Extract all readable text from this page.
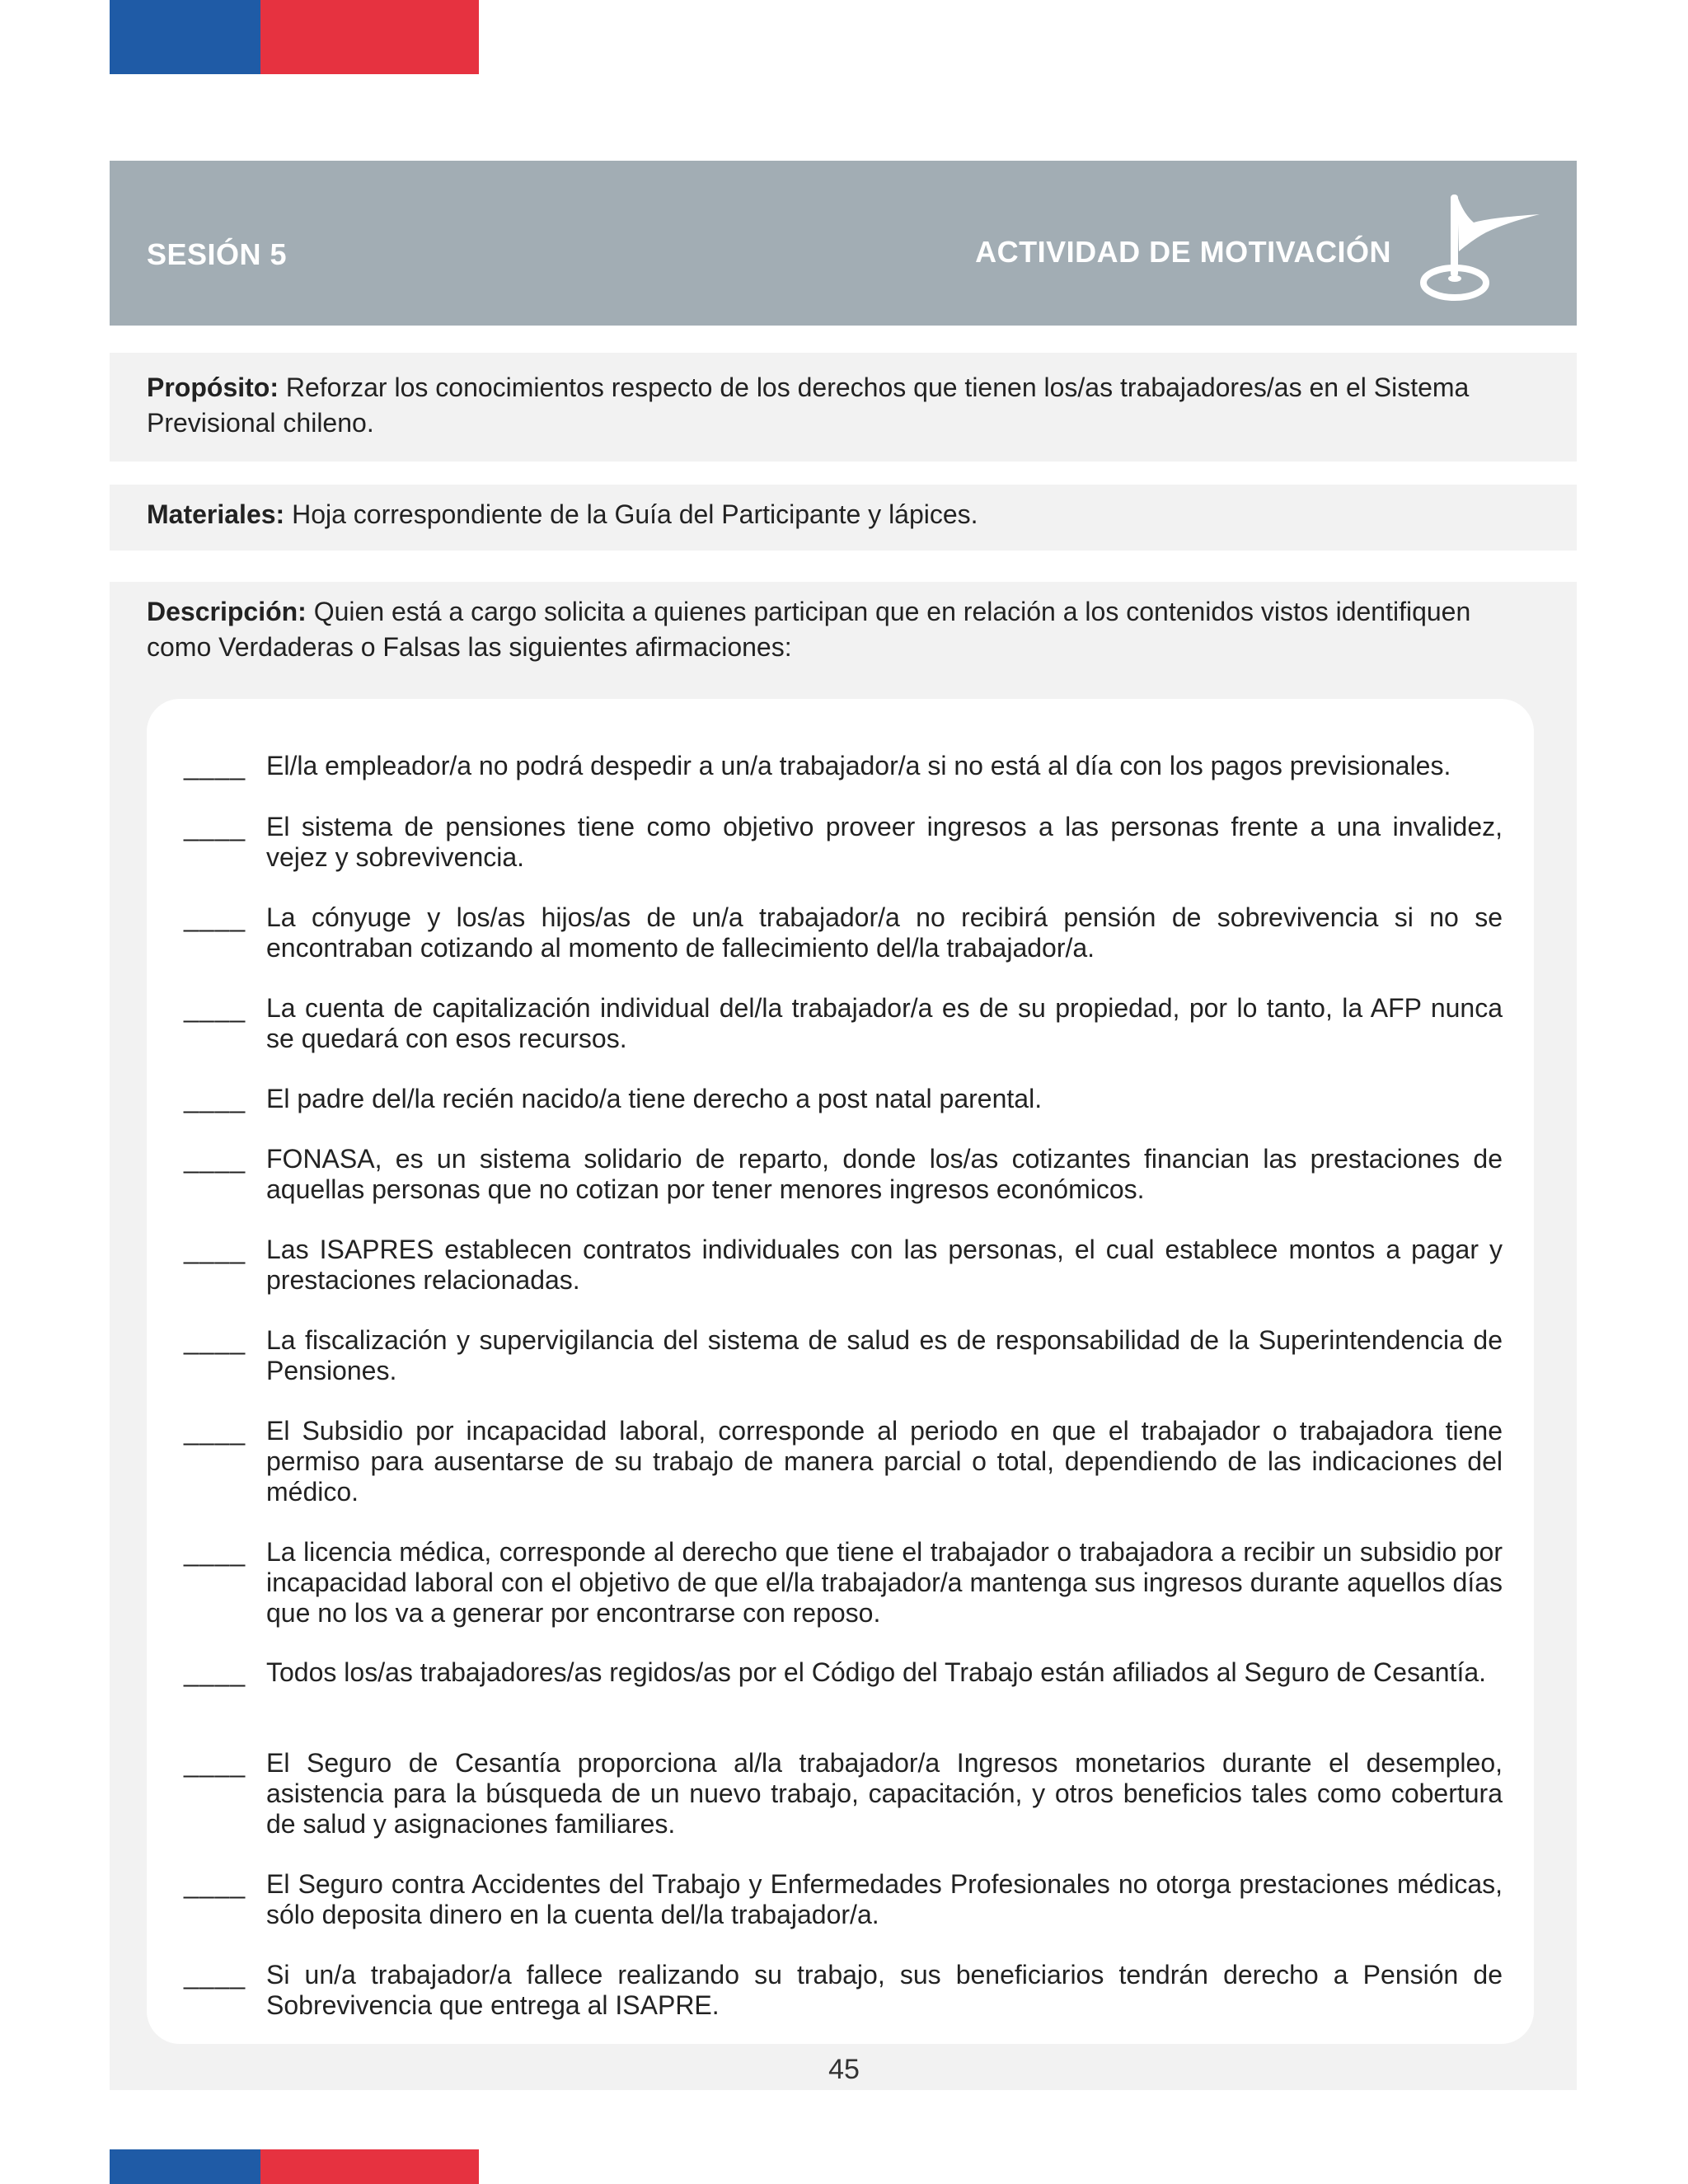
SESIÓN 5	ACTIVIDAD DE MOTIVACIÓN
Propósito: Reforzar los conocimientos respecto de los derechos que tienen los/as trabajadores/as en el Sistema Previsional chileno.
Materiales: Hoja correspondiente de la Guía del Participante y lápices.
Descripción: Quien está a cargo solicita a quienes participan que en relación a los contenidos vistos identifiquen como Verdaderas o Falsas las siguientes afirmaciones:
____ El/la empleador/a no podrá despedir a un/a trabajador/a si no está al día con los pagos previsionales.
____ El sistema de pensiones tiene como objetivo proveer ingresos a las personas frente a una invalidez, vejez y sobrevivencia.
____ La cónyuge y los/as hijos/as de un/a trabajador/a no recibirá pensión de sobrevivencia si no se encontraban cotizando al momento de fallecimiento del/la trabajador/a.
____ La cuenta de capitalización individual del/la trabajador/a es de su propiedad, por lo tanto, la AFP nunca se quedará con esos recursos.
____ El padre del/la recién nacido/a tiene derecho a post natal parental.
____ FONASA, es un sistema solidario de reparto, donde los/as cotizantes financian las prestaciones de aquellas personas que no cotizan por tener menores ingresos económicos.
____ Las ISAPRES establecen contratos individuales con las personas, el cual establece montos a pagar y prestaciones relacionadas.
____ La fiscalización y supervigilancia del sistema de salud es de responsabilidad de la Superintendencia de Pensiones.
____ El Subsidio por incapacidad laboral, corresponde al periodo en que el trabajador o trabajadora tiene permiso para ausentarse de su trabajo de manera parcial o total, dependiendo de las indicaciones del médico.
____ La licencia médica, corresponde al derecho que tiene el trabajador o trabajadora a recibir un subsidio por incapacidad laboral con el objetivo de que el/la trabajador/a mantenga sus ingresos durante aquellos días que no los va a generar por encontrarse con reposo.
____ Todos los/as trabajadores/as regidos/as por el Código del Trabajo están afiliados al Seguro de Cesantía.
____ El Seguro de Cesantía proporciona al/la trabajador/a Ingresos monetarios durante el desempleo, asistencia para la búsqueda de un nuevo trabajo, capacitación, y otros beneficios tales como cobertura de salud y asignaciones familiares.
____ El Seguro contra Accidentes del Trabajo y Enfermedades Profesionales no otorga prestaciones médicas, sólo deposita dinero en la cuenta del/la trabajador/a.
____ Si un/a trabajador/a fallece realizando su trabajo, sus beneficiarios tendrán derecho a Pensión de Sobrevivencia que entrega al ISAPRE.
45
